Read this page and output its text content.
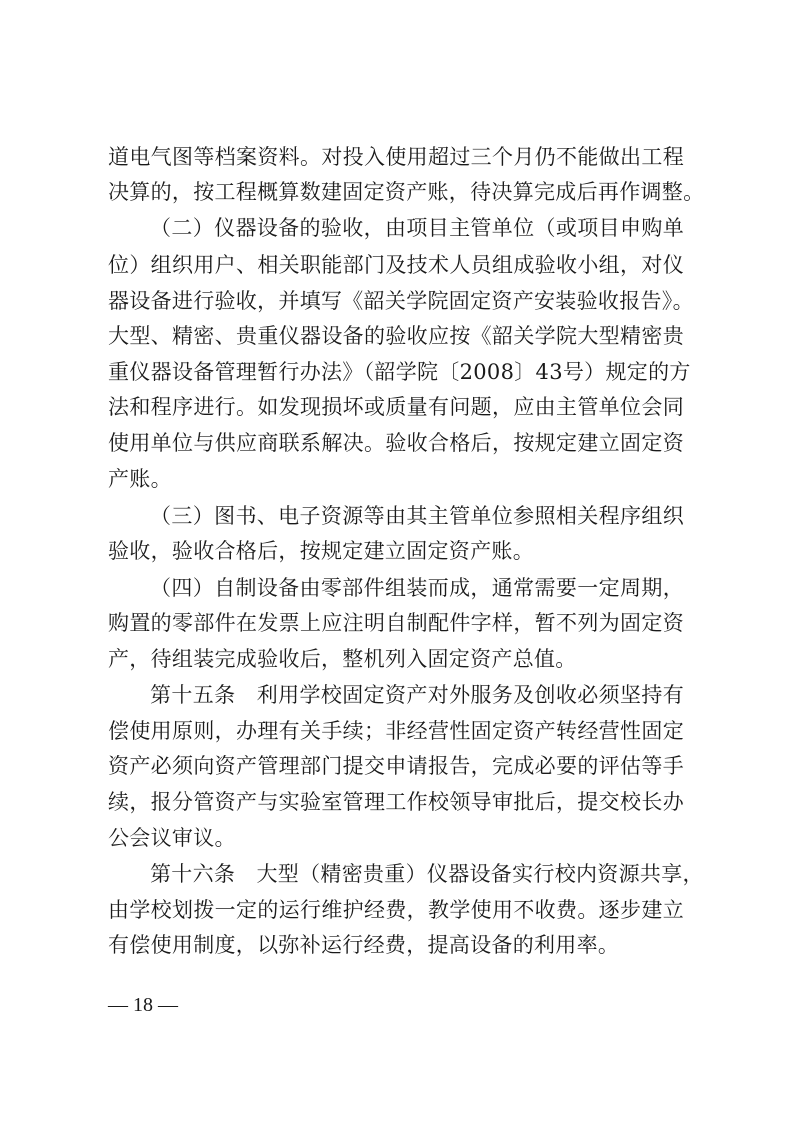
道电气图等档案资料。对投入使用超过三个月仍不能做出工程
决算的，按工程概算数建固定资产账，待决算完成后再作调整。
（二）仪器设备的验收，由项目主管单位（或项目申购单
位）组织用户、相关职能部门及技术人员组成验收小组，对仪
器设备进行验收，并填写《韶关学院固定资产安装验收报告》。
大型、精密、贵重仪器设备的验收应按《韶关学院大型精密贵
重仪器设备管理暂行办法》（韶学院〔2008〕43号）规定的方
法和程序进行。如发现损坏或质量有问题，应由主管单位会同
使用单位与供应商联系解决。验收合格后，按规定建立固定资
产账。
（三）图书、电子资源等由其主管单位参照相关程序组织
验收，验收合格后，按规定建立固定资产账。
（四）自制设备由零部件组装而成，通常需要一定周期，
购置的零部件在发票上应注明自制配件字样，暂不列为固定资
产，待组装完成验收后，整机列入固定资产总值。
第十五条　利用学校固定资产对外服务及创收必须坚持有
偿使用原则，办理有关手续；非经营性固定资产转经营性固定
资产必须向资产管理部门提交申请报告，完成必要的评估等手
续，报分管资产与实验室管理工作校领导审批后，提交校长办
公会议审议。
第十六条　大型（精密贵重）仪器设备实行校内资源共享，
由学校划拨一定的运行维护经费，教学使用不收费。逐步建立
有偿使用制度，以弥补运行经费，提高设备的利用率。
— 18 —
